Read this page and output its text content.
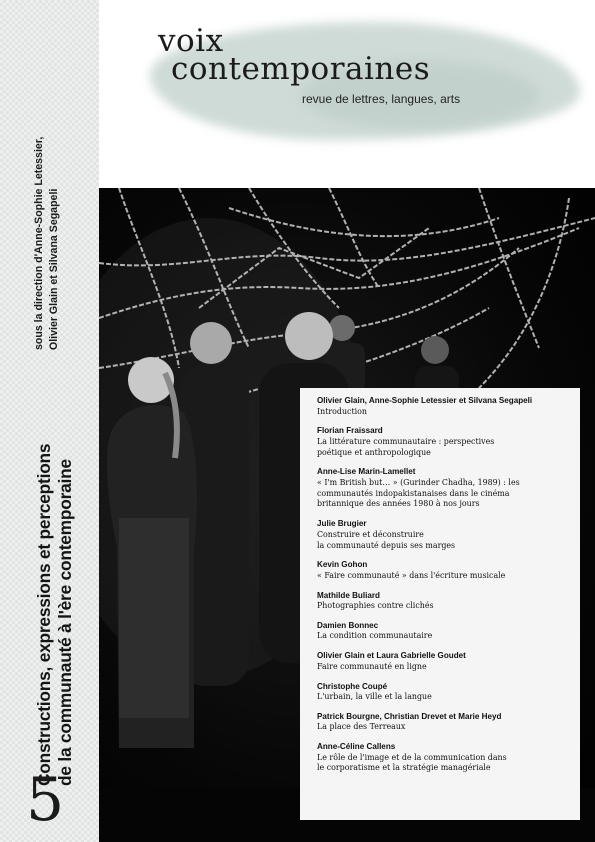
sous la direction d'Anne-Sophie Letessier, Olivier Glain et Silvana Segapeli
Constructions, expressions et perceptions de la communauté à l'ère contemporaine
5
voix
contemporaines
revue de lettres, langues, arts
Olivier Glain, Anne-Sophie Letessier et Silvana Segapeli
Introduction
Florian Fraissard
La littérature communautaire : perspectives
poétique et anthropologique
Anne-Lise Marin-Lamellet
« I'm British but… » (Gurinder Chadha, 1989) : les
communautés indopakistanaises dans le cinéma
britannique des années 1980 à nos jours
Julie Brugier
Construire et déconstruire
la communauté depuis ses marges
Kevin Gohon
« Faire communauté » dans l'écriture musicale
Mathilde Buliard
Photographies contre clichés
Damien Bonnec
La condition communautaire
Olivier Glain et Laura Gabrielle Goudet
Faire communauté en ligne
Christophe Coupé
L'urbain, la ville et la langue
Patrick Bourgne, Christian Drevet et Marie Heyd
La place des Terreaux
Anne-Céline Callens
Le rôle de l'image et de la communication dans
le corporatisme et la stratégie managériale
